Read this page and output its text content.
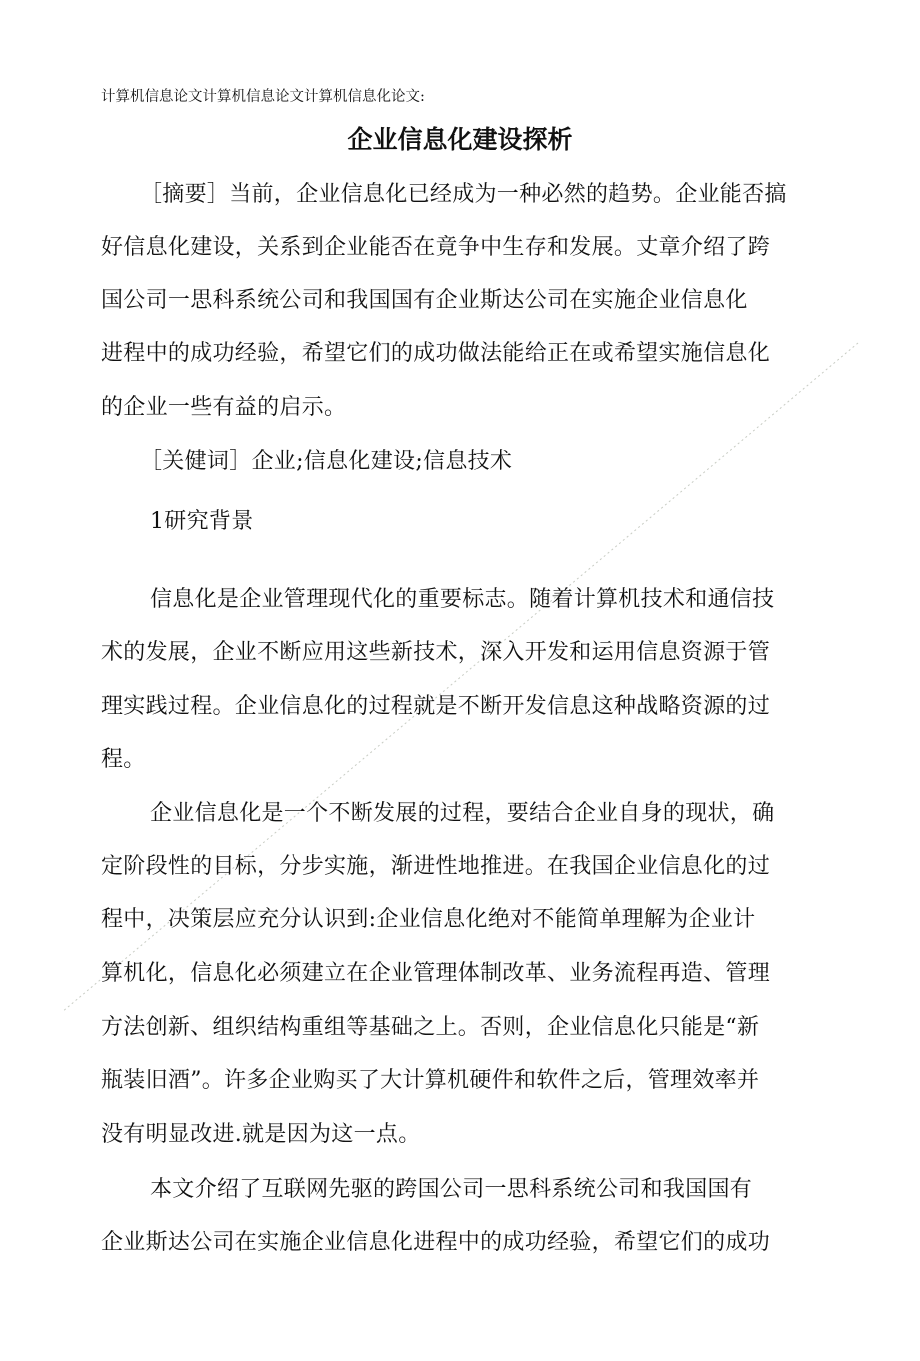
计算机信息论文计算机信息论文计算机信息化论文:
企业信息化建设探析
［摘要］当前，企业信息化已经成为一种必然的趋势。企业能否搞
好信息化建设，关系到企业能否在竟争中生存和发展。丈章介绍了跨
国公司一思科系统公司和我国国有企业斯达公司在实施企业信息化
进程中的成功经验，希望它们的成功做法能给正在或希望实施信息化
的企业一些有益的启示。
［关健词］企业;信息化建设;信息技术
1研究背景
信息化是企业管理现代化的重要标志。随着计算机技术和通信技
术的发展，企业不断应用这些新技术，深入开发和运用信息资源于管
理实践过程。企业信息化的过程就是不断开发信息这种战略资源的过
程。
企业信息化是一个不断发展的过程，要结合企业自身的现状，确
定阶段性的目标，分步实施，渐进性地推进。在我国企业信息化的过
程中，决策层应充分认识到:企业信息化绝对不能简单理解为企业计
算机化，信息化必须建立在企业管理体制改革、业务流程再造、管理
方法创新、组织结构重组等基础之上。否则，企业信息化只能是“新
瓶装旧酒”。许多企业购买了大计算机硬件和软件之后，管理效率并
没有明显改进.就是因为这一点。
本文介绍了互联网先驱的跨国公司一思科系统公司和我国国有
企业斯达公司在实施企业信息化进程中的成功经验，希望它们的成功
